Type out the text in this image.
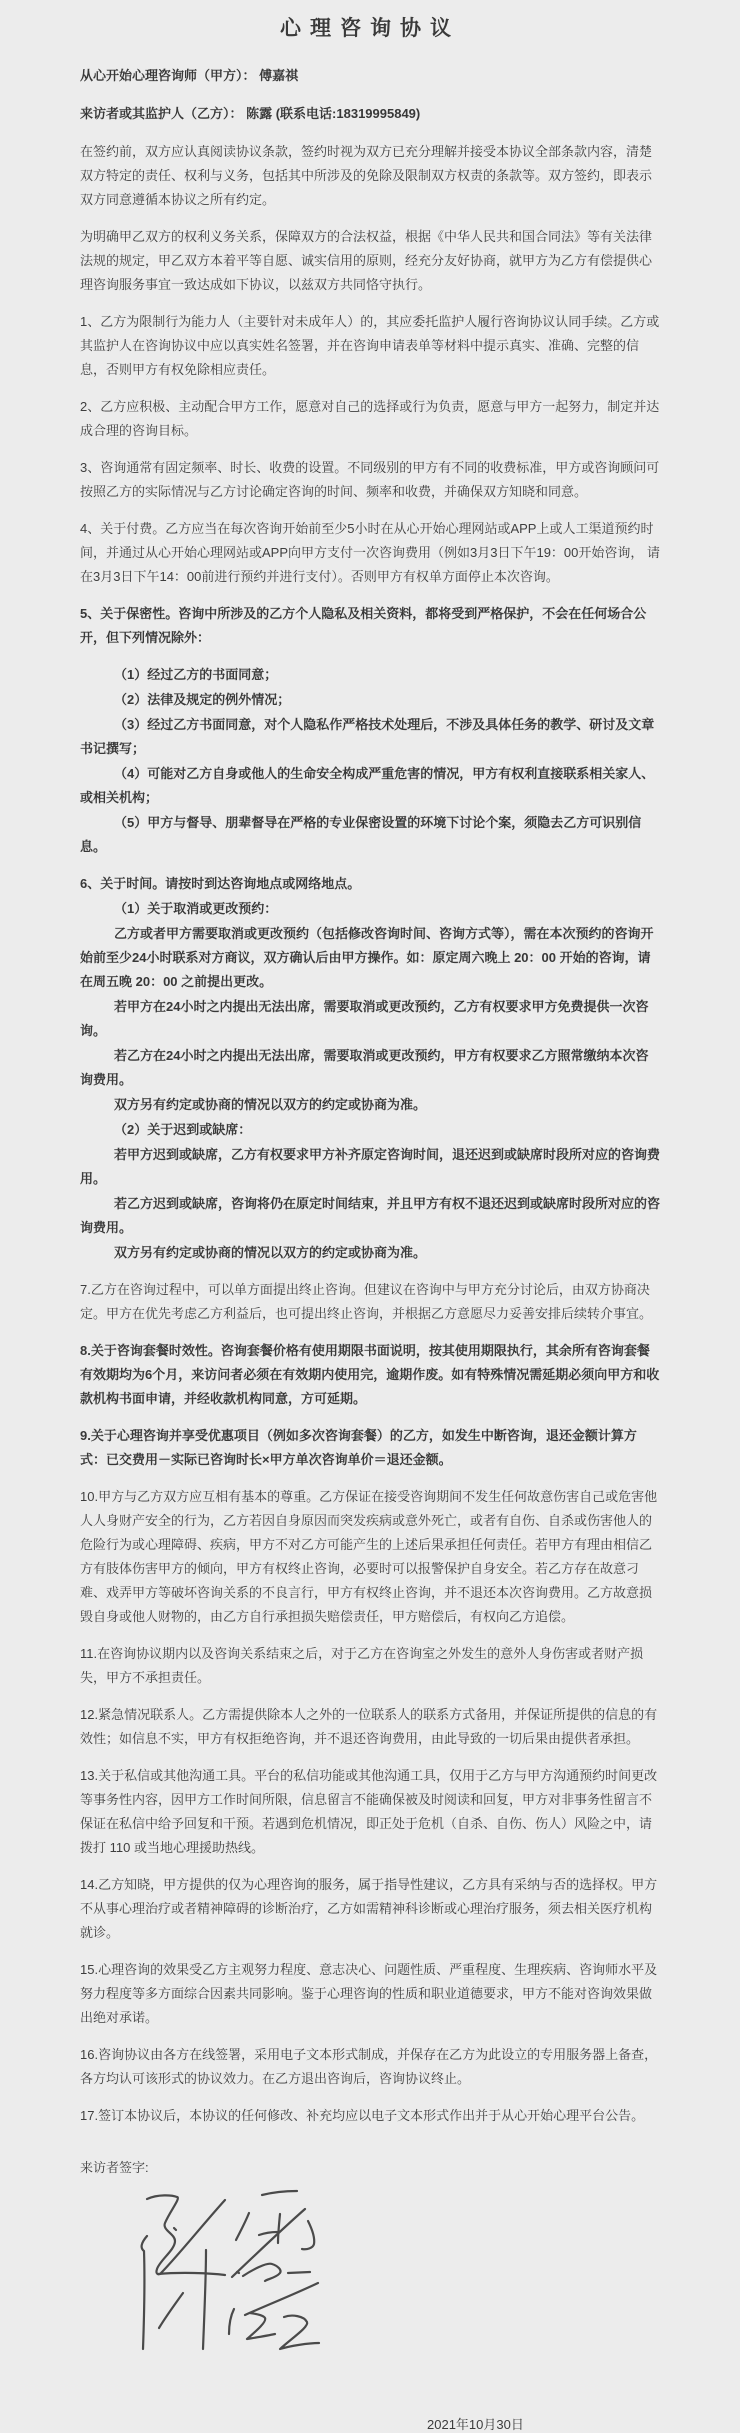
心理咨询协议

从心开始心理咨询师（甲方）： 傅嘉祺

来访者或其监护人（乙方）： 陈露 (联系电话:18319995849)

在签约前，双方应认真阅读协议条款，签约时视为双方已充分理解并接受本协议全部条款内容，清楚双方特定的责任、权利与义务，包括其中所涉及的免除及限制双方权责的条款等。双方签约，即表示双方同意遵循本协议之所有约定。

为明确甲乙双方的权利义务关系，保障双方的合法权益，根据《中华人民共和国合同法》等有关法律法规的规定，甲乙双方本着平等自愿、诚实信用的原则，经充分友好协商，就甲方为乙方有偿提供心理咨询服务事宜一致达成如下协议，以兹双方共同恪守执行。

1、乙方为限制行为能力人（主要针对未成年人）的，其应委托监护人履行咨询协议认同手续。乙方或其监护人在咨询协议中应以真实姓名签署，并在咨询申请表单等材料中提示真实、准确、完整的信息，否则甲方有权免除相应责任。

2、乙方应积极、主动配合甲方工作，愿意对自己的选择或行为负责，愿意与甲方一起努力，制定并达成合理的咨询目标。

3、咨询通常有固定频率、时长、收费的设置。不同级别的甲方有不同的收费标准，甲方或咨询顾问可按照乙方的实际情况与乙方讨论确定咨询的时间、频率和收费，并确保双方知晓和同意。

4、关于付费。乙方应当在每次咨询开始前至少5小时在从心开始心理网站或APP上或人工渠道预约时间，并通过从心开始心理网站或APP向甲方支付一次咨询费用（例如3月3日下午19：00开始咨询， 请在3月3日下午14：00前进行预约并进行支付）。否则甲方有权单方面停止本次咨询。

5、关于保密性。咨询中所涉及的乙方个人隐私及相关资料，都将受到严格保护，不会在任何场合公开，但下列情况除外：

（1）经过乙方的书面同意；

（2）法律及规定的例外情况；

（3）经过乙方书面同意，对个人隐私作严格技术处理后，不涉及具体任务的教学、研讨及文章书记撰写；

（4）可能对乙方自身或他人的生命安全构成严重危害的情况，甲方有权利直接联系相关家人、或相关机构；

（5）甲方与督导、朋辈督导在严格的专业保密设置的环境下讨论个案，须隐去乙方可识别信息。

6、关于时间。请按时到达咨询地点或网络地点。

（1）关于取消或更改预约：

乙方或者甲方需要取消或更改预约（包括修改咨询时间、咨询方式等），需在本次预约的咨询开始前至少24小时联系对方商议，双方确认后由甲方操作。如：原定周六晚上 20：00 开始的咨询，请在周五晚 20：00 之前提出更改。

若甲方在24小时之内提出无法出席，需要取消或更改预约，乙方有权要求甲方免费提供一次咨询。

若乙方在24小时之内提出无法出席，需要取消或更改预约，甲方有权要求乙方照常缴纳本次咨询费用。

双方另有约定或协商的情况以双方的约定或协商为准。

（2）关于迟到或缺席：

若甲方迟到或缺席，乙方有权要求甲方补齐原定咨询时间，退还迟到或缺席时段所对应的咨询费用。

若乙方迟到或缺席，咨询将仍在原定时间结束，并且甲方有权不退还迟到或缺席时段所对应的咨询费用。

双方另有约定或协商的情况以双方的约定或协商为准。

7.乙方在咨询过程中，可以单方面提出终止咨询。但建议在咨询中与甲方充分讨论后，由双方协商决定。甲方在优先考虑乙方利益后，也可提出终止咨询，并根据乙方意愿尽力妥善安排后续转介事宜。

8.关于咨询套餐时效性。咨询套餐价格有使用期限书面说明，按其使用期限执行，其余所有咨询套餐有效期均为6个月，来访问者必须在有效期内使用完，逾期作废。如有特殊情况需延期必须向甲方和收款机构书面申请，并经收款机构同意，方可延期。

9.关于心理咨询并享受优惠项目（例如多次咨询套餐）的乙方，如发生中断咨询，退还金额计算方式：已交费用－实际已咨询时长×甲方单次咨询单价＝退还金额。

10.甲方与乙方双方应互相有基本的尊重。乙方保证在接受咨询期间不发生任何故意伤害自己或危害他人人身财产安全的行为，乙方若因自身原因而突发疾病或意外死亡，或者有自伤、自杀或伤害他人的危险行为或心理障碍、疾病，甲方不对乙方可能产生的上述后果承担任何责任。若甲方有理由相信乙方有肢体伤害甲方的倾向，甲方有权终止咨询，必要时可以报警保护自身安全。若乙方存在故意刁难、戏弄甲方等破坏咨询关系的不良言行，甲方有权终止咨询，并不退还本次咨询费用。乙方故意损毁自身或他人财物的，由乙方自行承担损失赔偿责任，甲方赔偿后，有权向乙方追偿。

11.在咨询协议期内以及咨询关系结束之后，对于乙方在咨询室之外发生的意外人身伤害或者财产损失，甲方不承担责任。

12.紧急情况联系人。乙方需提供除本人之外的一位联系人的联系方式备用，并保证所提供的信息的有效性；如信息不实，甲方有权拒绝咨询，并不退还咨询费用，由此导致的一切后果由提供者承担。

13.关于私信或其他沟通工具。平台的私信功能或其他沟通工具，仅用于乙方与甲方沟通预约时间更改等事务性内容，因甲方工作时间所限，信息留言不能确保被及时阅读和回复，甲方对非事务性留言不保证在私信中给予回复和干预。若遇到危机情况，即正处于危机（自杀、自伤、伤人）风险之中，请拨打 110 或当地心理援助热线。

14.乙方知晓，甲方提供的仅为心理咨询的服务，属于指导性建议，乙方具有采纳与否的选择权。甲方不从事心理治疗或者精神障碍的诊断治疗，乙方如需精神科诊断或心理治疗服务，须去相关医疗机构就诊。

15.心理咨询的效果受乙方主观努力程度、意志决心、问题性质、严重程度、生理疾病、咨询师水平及努力程度等多方面综合因素共同影响。鉴于心理咨询的性质和职业道德要求，甲方不能对咨询效果做出绝对承诺。

16.咨询协议由各方在线签署，采用电子文本形式制成，并保存在乙方为此设立的专用服务器上备查，各方均认可该形式的协议效力。在乙方退出咨询后，咨询协议终止。

17.签订本协议后，本协议的任何修改、补充均应以电子文本形式作出并于从心开始心理平台公告。

来访者签字:

2021年10月30日
